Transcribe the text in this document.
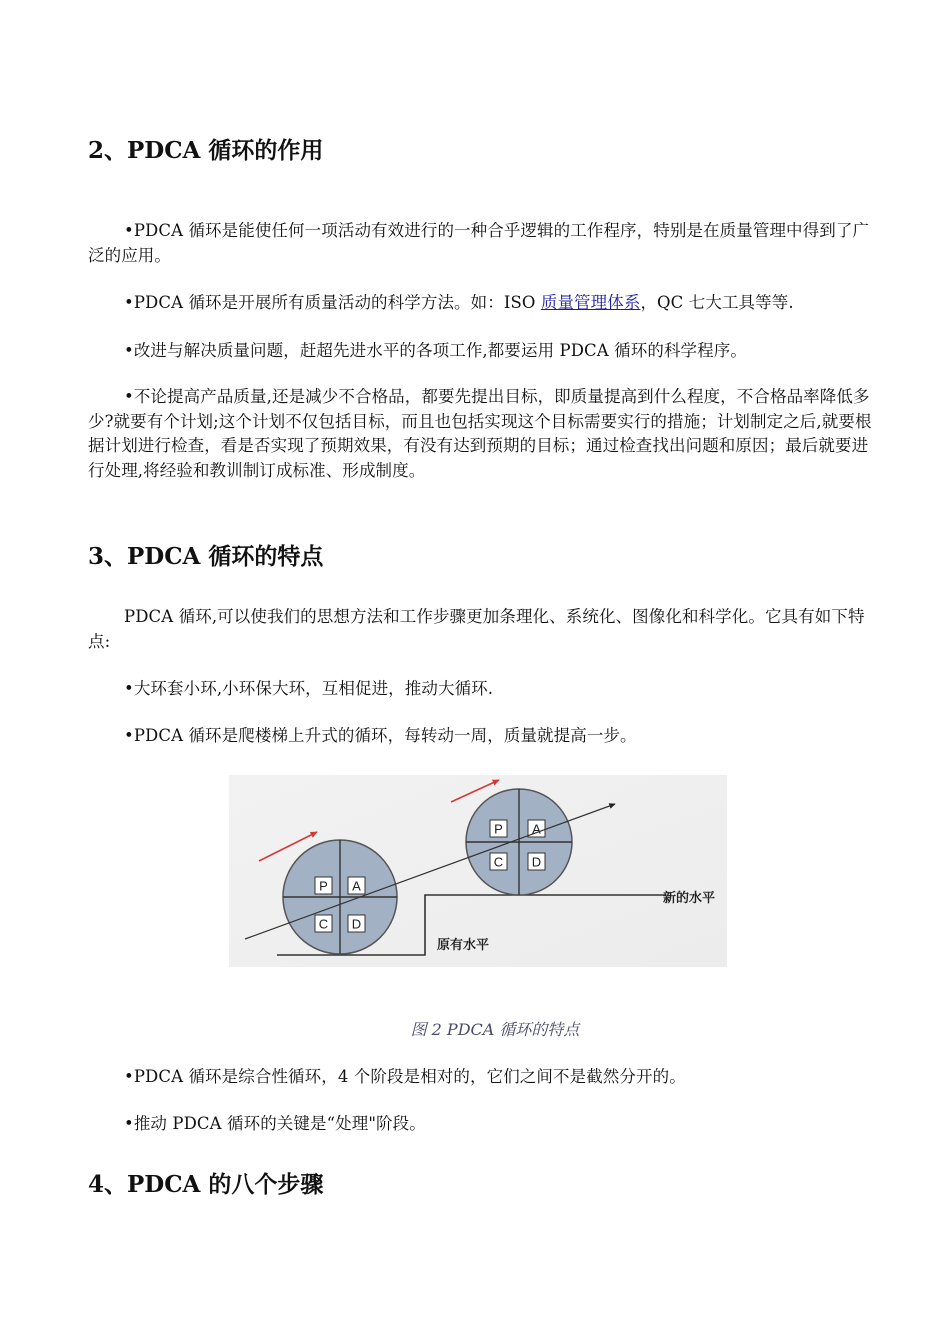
2、PDCA 循环的作用

•PDCA 循环是能使任何一项活动有效进行的一种合乎逻辑的工作程序，特别是在质量管理中得到了广泛的应用。

•PDCA 循环是开展所有质量活动的科学方法。如：ISO 质量管理体系，QC 七大工具等等.

•改进与解决质量问题，赶超先进水平的各项工作,都要运用 PDCA 循环的科学程序。

•不论提高产品质量,还是减少不合格品，都要先提出目标，即质量提高到什么程度，不合格品率降低多少?就要有个计划;这个计划不仅包括目标，而且也包括实现这个目标需要实行的措施；计划制定之后,就要根据计划进行检查，看是否实现了预期效果，有没有达到预期的目标；通过检查找出问题和原因；最后就要进行处理,将经验和教训制订成标准、形成制度。

3、PDCA 循环的特点

PDCA 循环,可以使我们的思想方法和工作步骤更加条理化、系统化、图像化和科学化。它具有如下特点:

•大环套小环,小环保大环，互相促进，推动大循环.

•PDCA 循环是爬楼梯上升式的循环，每转动一周，质量就提高一步。

P A
C D
P A
C D
新的水平
原有水平
图 2 PDCA 循环的特点

•PDCA 循环是综合性循环，4 个阶段是相对的，它们之间不是截然分开的。

•推动 PDCA 循环的关键是“处理"阶段。

4、PDCA 的八个步骤
